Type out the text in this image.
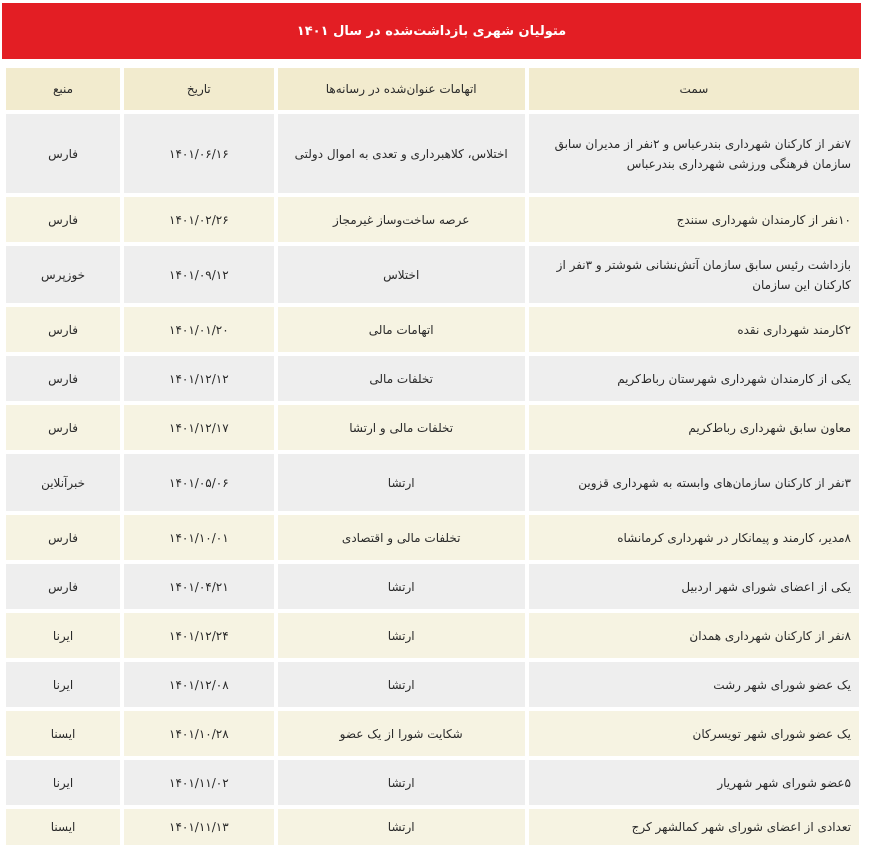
متولیان شهری بازداشت‌شده در سال ۱۴۰۱
سمت	اتهامات عنوان‌شده در رسانه‌ها	تاریخ	منبع
۷نفر از کارکنان شهرداری بندرعباس و ۲نفر از مدیران سابق سازمان فرهنگی ورزشی شهرداری بندرعباس	اختلاس، کلاهبرداری و تعدی به اموال دولتی	۱۴۰۱/۰۶/۱۶	فارس
۱۰نفر از کارمندان شهرداری سنندج	عرصه ساخت‌وساز غیرمجاز	۱۴۰۱/۰۲/۲۶	فارس
بازداشت رئیس سابق سازمان آتش‌نشانی شوشتر و ۳نفر از کارکنان این سازمان	اختلاس	۱۴۰۱/۰۹/۱۲	خوزپرس
۲کارمند شهرداری نقده	اتهامات مالی	۱۴۰۱/۰۱/۲۰	فارس
یکی از کارمندان شهرداری شهرستان رباط‌کریم	تخلفات مالی	۱۴۰۱/۱۲/۱۲	فارس
معاون سابق شهرداری رباط‌کریم	تخلفات مالی و ارتشا	۱۴۰۱/۱۲/۱۷	فارس
۳نفر از کارکنان سازمان‌های وابسته به شهرداری قزوین	ارتشا	۱۴۰۱/۰۵/۰۶	خبرآنلاین
۸مدیر، کارمند و پیمانکار در شهرداری کرمانشاه	تخلفات مالی و اقتصادی	۱۴۰۱/۱۰/۰۱	فارس
یکی از اعضای شورای شهر اردبیل	ارتشا	۱۴۰۱/۰۴/۲۱	فارس
۸نفر از کارکنان شهرداری همدان	ارتشا	۱۴۰۱/۱۲/۲۴	ایرنا
یک عضو شورای شهر رشت	ارتشا	۱۴۰۱/۱۲/۰۸	ایرنا
یک عضو شورای شهر تویسرکان	شکایت شورا از یک عضو	۱۴۰۱/۱۰/۲۸	ایسنا
۵عضو شورای شهر شهریار	ارتشا	۱۴۰۱/۱۱/۰۲	ایرنا
تعدادی از اعضای شورای شهر کمالشهر کرج	ارتشا	۱۴۰۱/۱۱/۱۳	ایسنا
